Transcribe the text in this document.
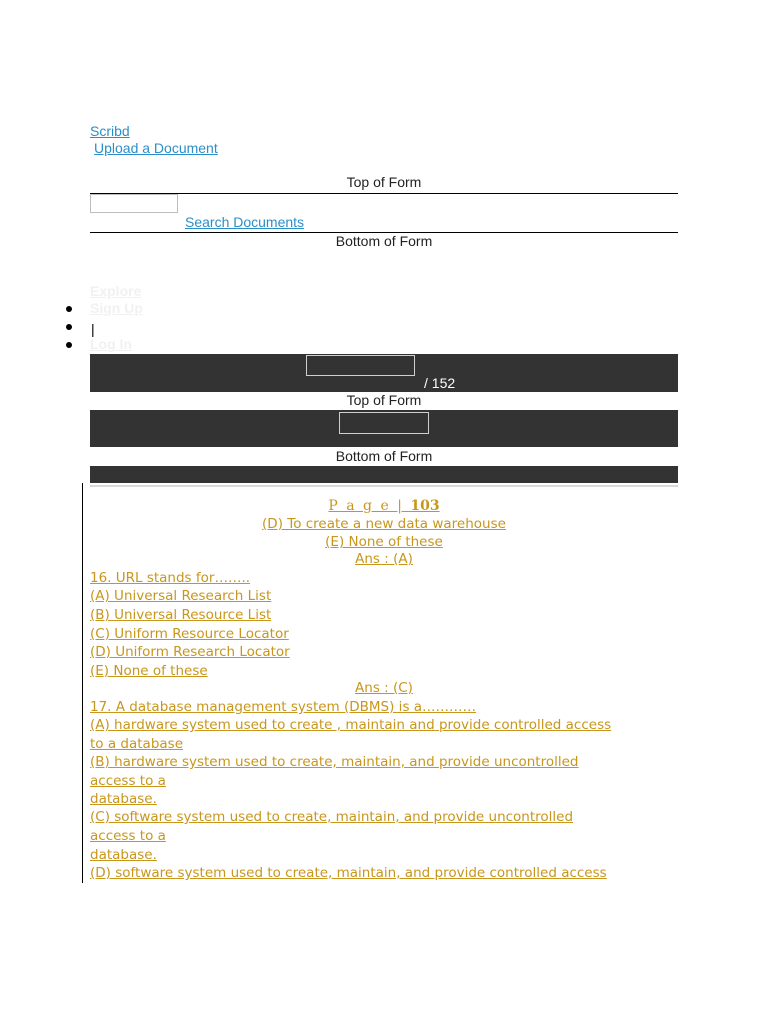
Scribd
Upload a Document
Top of Form
Search Documents
Bottom of Form
Explore
Sign Up
|
Log In
/ 152
Top of Form
Bottom of Form
P a g e | 103
(D) To create a new data warehouse
(E) None of these
Ans : (A)
16. URL stands for……..
(A) Universal Research List
(B) Universal Resource List
(C) Uniform Resource Locator
(D) Uniform Research Locator
(E) None of these
Ans : (C)
17. A database management system (DBMS) is a…………
(A) hardware system used to create , maintain and provide controlled access
to a database
(B) hardware system used to create, maintain, and provide uncontrolled
access to a
database.
(C) software system used to create, maintain, and provide uncontrolled
access to a
database.
(D) software system used to create, maintain, and provide controlled access
